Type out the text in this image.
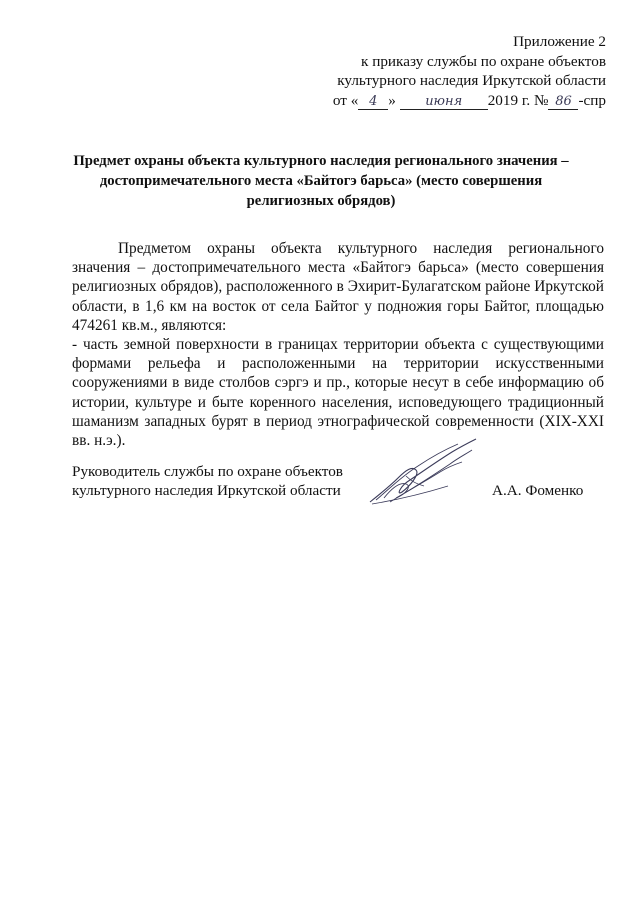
Приложение 2
к приказу службы по охране объектов
культурного наследия Иркутской области
от « 4 » июня 2019 г. № 86 -спр
Предмет охраны объекта культурного наследия регионального значения – достопримечательного места «Байтогэ барьса» (место совершения религиозных обрядов)

Предметом охраны объекта культурного наследия регионального значения – достопримечательного места «Байтогэ барьса» (место совершения религиозных обрядов), расположенного в Эхирит-Булагатском районе Иркутской области, в 1,6 км на восток от села Байтог у подножия горы Байтог, площадью 474261 кв.м., являются:

- часть земной поверхности в границах территории объекта с существующими формами рельефа и расположенными на территории искусственными сооружениями в виде столбов сэргэ и пр., которые несут в себе информацию об истории, культуре и быте коренного населения, исповедующего традиционный шаманизм западных бурят в период этнографической современности (XIX-XXI вв. н.э.).

Руководитель службы по охране объектов
культурного наследия Иркутской области	А.А. Фоменко
